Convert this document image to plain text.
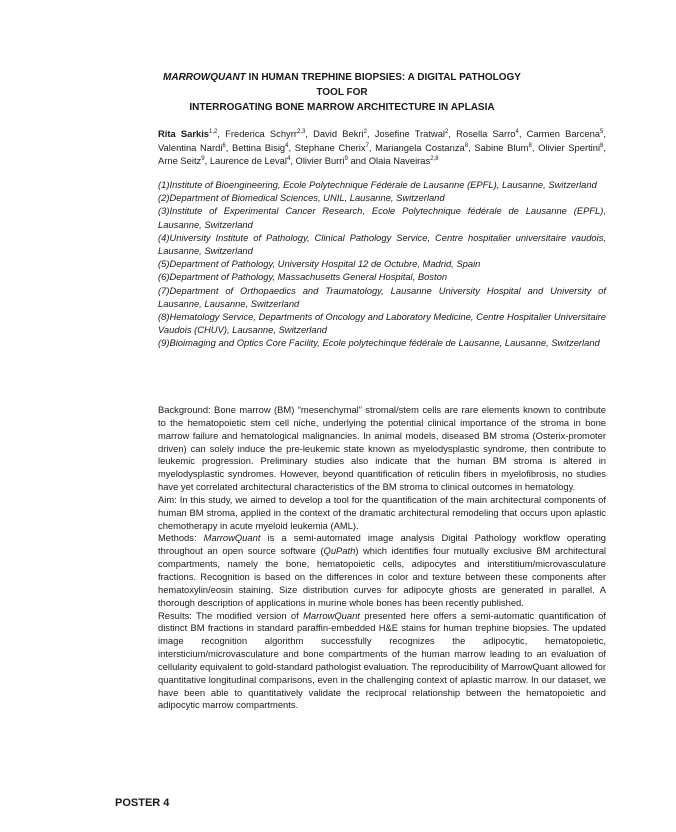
MARROWQUANT IN HUMAN TREPHINE BIOPSIES: A DIGITAL PATHOLOGY TOOL FOR
INTERROGATING BONE MARROW ARCHITECTURE IN APLASIA
Rita Sarkis$^{1,2}$, Frederica Schyrr$^{2,3}$, David Bekri$^2$, Josefine Tratwal$^2$, Rosella Sarro$^4$, Carmen Barcena$^5$, Valentina Nardi$^6$, Bettina Bisig$^4$, Stephane Cherix$^7$, Mariangela Costanza$^8$, Sabine Blum$^8$, Olivier Spertini$^8$, Arne Seitz$^9$, Laurence de Leval$^4$, Olivier Burri$^9$ and Olaia Naveiras$^{2,8}$

(1)Institute of Bioengineering, Ecole Polytechnique Fédérale de Lausanne (EPFL), Lausanne, Switzerland

(2)Department of Biomedical Sciences, UNIL, Lausanne, Switzerland

(3)Institute of Experimental Cancer Research, Ecole Polytechnique fédérale de Lausanne (EPFL), Lausanne, Switzerland

(4)University Institute of Pathology, Clinical Pathology Service, Centre hospitalier universitaire vaudois, Lausanne, Switzerland

(5)Department of Pathology, University Hospital 12 de Octubre, Madrid, Spain

(6)Department of Pathology, Massachusetts General Hospital, Boston

(7)Department of Orthopaedics and Traumatology, Lausanne University Hospital and University of Lausanne, Lausanne, Switzerland

(8)Hematology Service, Departments of Oncology and Laboratory Medicine, Centre Hospitalier Universitaire Vaudois (CHUV), Lausanne, Switzerland

(9)Bioimaging and Optics Core Facility, Ecole polytechinque fédérale de Lausanne, Lausanne, Switzerland

Background: Bone marrow (BM) “mesenchymal” stromal/stem cells are rare elements known to contribute to the hematopoietic stem cell niche, underlying the potential clinical importance of the stroma in bone marrow failure and hematological malignancies. In animal models, diseased BM stroma (Osterix-promoter driven) can solely induce the pre-leukemic state known as myelodysplastic syndrome, then contribute to leukemic progression. Preliminary studies also indicate that the human BM stroma is altered in myelodysplastic syndromes. However, beyond quantification of reticulin fibers in myelofibrosis, no studies have yet correlated architectural characteristics of the BM stroma to clinical outcomes in hematology.

Aim: In this study, we aimed to develop a tool for the quantification of the main architectural components of human BM stroma, applied in the context of the dramatic architectural remodeling that occurs upon aplastic chemotherapy in acute myeloid leukemia (AML).

Methods: MarrowQuant is a semi-automated image analysis Digital Pathology workflow operating throughout an open source software (QuPath) which identifies four mutually exclusive BM architectural compartments, namely the bone, hematopoietic cells, adipocytes and interstitium/microvasculature fractions. Recognition is based on the differences in color and texture between these components after hematoxylin/eosin staining. Size distribution curves for adipocyte ghosts are generated in parallel. A thorough description of applications in murine whole bones has been recently published.

Results: The modified version of MarrowQuant presented here offers a semi-automatic quantification of distinct BM fractions in standard paraffin-embedded H&E stains for human trephine biopsies. The updated image recognition algorithm successfully recognizes the adipocytic, hematopoietic, intersticium/microvasculature and bone compartments of the human marrow leading to an evaluation of cellularity equivalent to gold-standard pathologist evaluation. The reproducibility of MarrowQuant allowed for quantitative longitudinal comparisons, even in the challenging context of aplastic marrow. In our dataset, we have been able to quantitatively validate the reciprocal relationship between the hematopoietic and adipocytic marrow compartments.

POSTER 4
